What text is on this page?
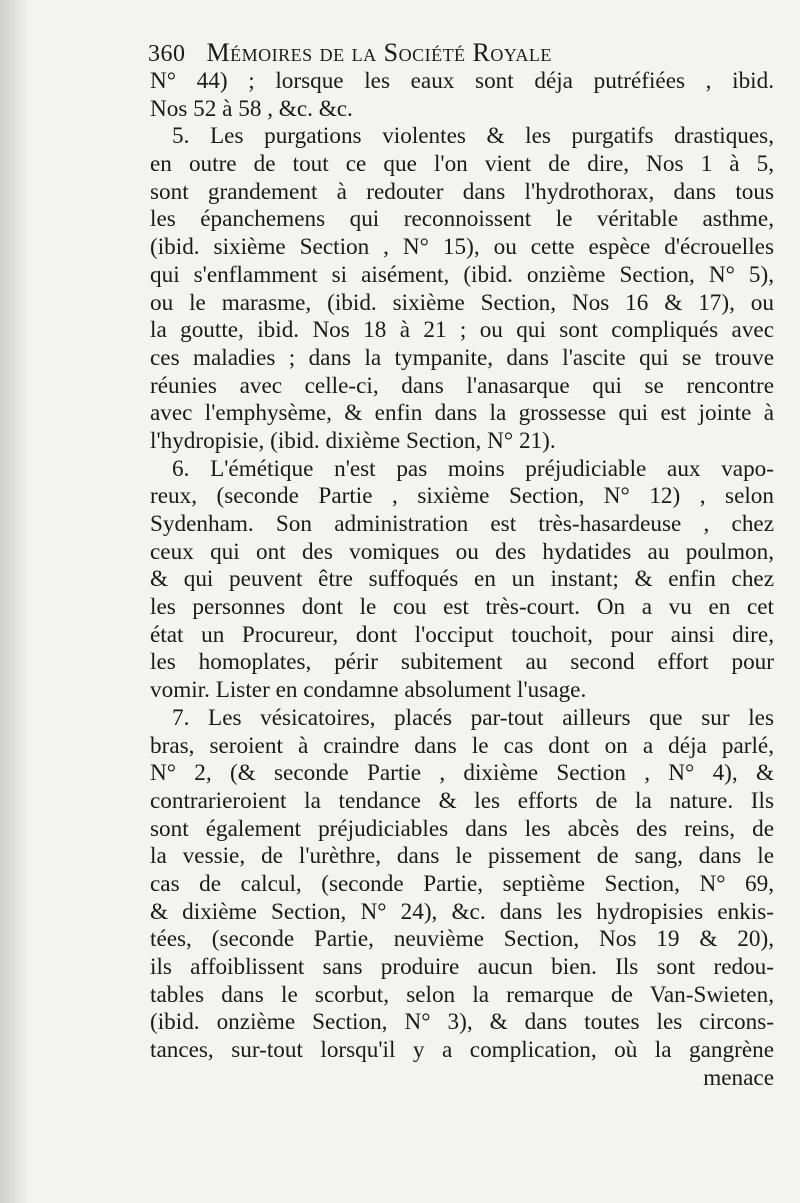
360 Mémoires de la Société Royale
N° 44) ; lorsque les eaux sont déja putréfiées , ibid.
Nos 52 à 58 , &c. &c.
5. Les purgations violentes & les purgatifs drastiques,
en outre de tout ce que l'on vient de dire, Nos 1 à 5,
sont grandement à redouter dans l'hydrothorax, dans tous
les épanchemens qui reconnoissent le véritable asthme,
(ibid. sixième Section , N° 15), ou cette espèce d'écrouelles
qui s'enflamment si aisément, (ibid. onzième Section, N° 5),
ou le marasme, (ibid. sixième Section, Nos 16 & 17), ou
la goutte, ibid. Nos 18 à 21 ; ou qui sont compliqués avec
ces maladies ; dans la tympanite, dans l'ascite qui se trouve
réunies avec celle-ci, dans l'anasarque qui se rencontre
avec l'emphysème, & enfin dans la grossesse qui est jointe à
l'hydropisie, (ibid. dixième Section, N° 21).
6. L'émétique n'est pas moins préjudiciable aux vapo-
reux, (seconde Partie , sixième Section, N° 12) , selon
Sydenham. Son administration est très-hasardeuse , chez
ceux qui ont des vomiques ou des hydatides au poulmon,
& qui peuvent être suffoqués en un instant; & enfin chez
les personnes dont le cou est très-court. On a vu en cet
état un Procureur, dont l'occiput touchoit, pour ainsi dire,
les homoplates, périr subitement au second effort pour
vomir. Lister en condamne absolument l'usage.
7. Les vésicatoires, placés par-tout ailleurs que sur les
bras, seroient à craindre dans le cas dont on a déja parlé,
N° 2, (& seconde Partie , dixième Section , N° 4), &
contrarieroient la tendance & les efforts de la nature. Ils
sont également préjudiciables dans les abcès des reins, de
la vessie, de l'urèthre, dans le pissement de sang, dans le
cas de calcul, (seconde Partie, septième Section, N° 69,
& dixième Section, N° 24), &c. dans les hydropisies enkis-
tées, (seconde Partie, neuvième Section, Nos 19 & 20),
ils affoiblissent sans produire aucun bien. Ils sont redou-
tables dans le scorbut, selon la remarque de Van-Swieten,
(ibid. onzième Section, N° 3), & dans toutes les circons-
tances, sur-tout lorsqu'il y a complication, où la gangrène
menace
